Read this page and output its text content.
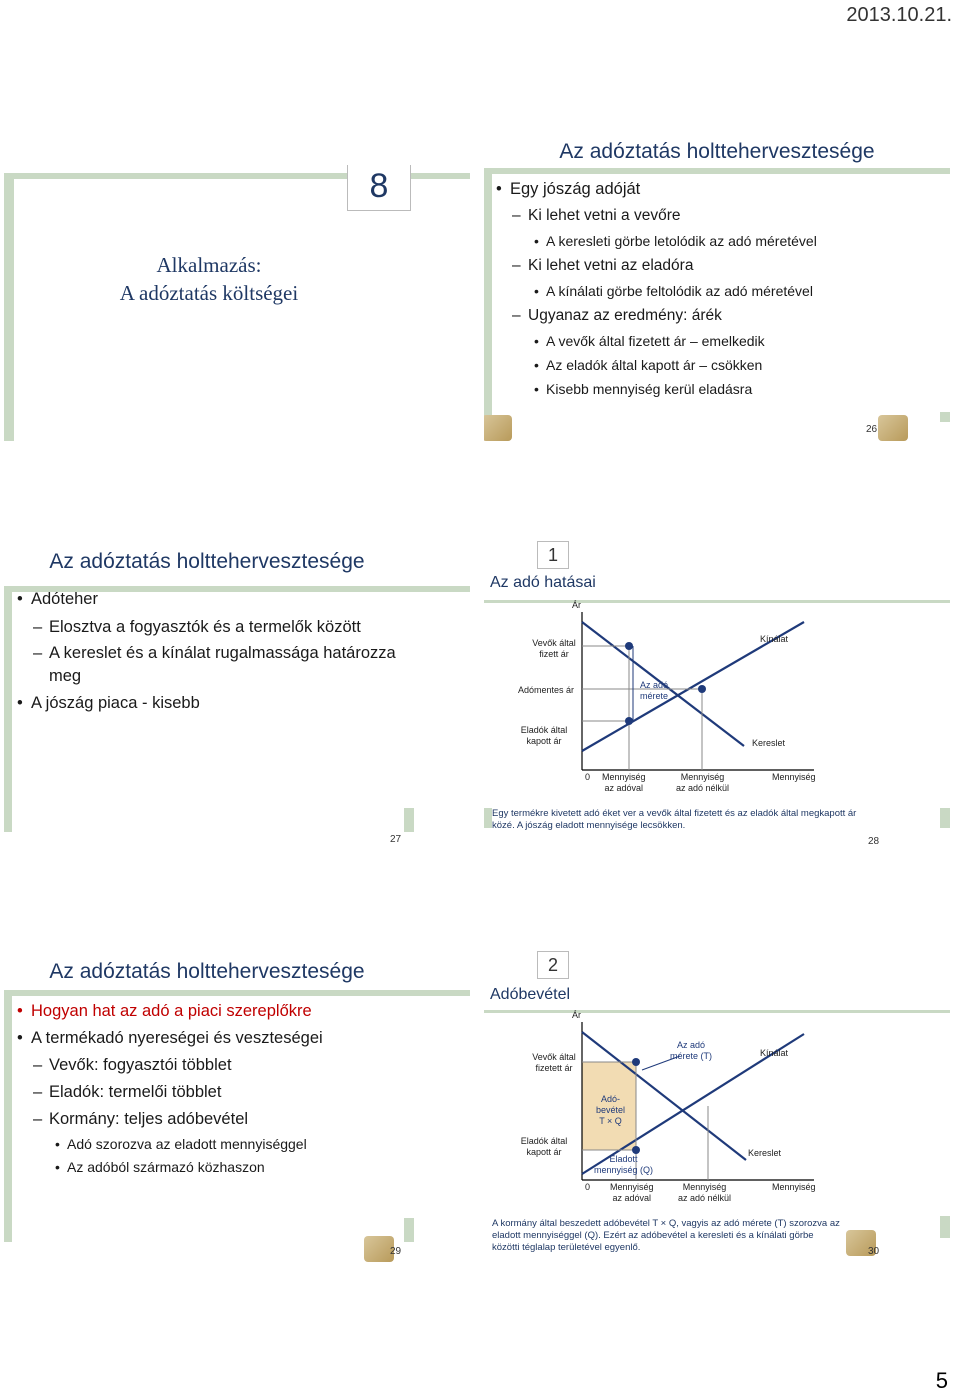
2013.10.21.
8
Alkalmazás:
A adóztatás költségei
Az adóztatás holttehervesztesége
• Egy jószág adóját
– Ki lehet vetni a vevőre
• A keresleti görbe letolódik az adó méretével
– Ki lehet vetni az eladóra
• A kínálati görbe feltolódik az adó méretével
– Ugyanaz az eredmény: árék
• A vevők által fizetett ár – emelkedik
• Az eladók által kapott ár – csökken
• Kisebb mennyiség kerül eladásra
26
Az adóztatás holttehervesztesége
• Adóteher
– Elosztva a fogyasztók és a termelők között
– A kereslet és a kínálat rugalmassága határozza
meg
• A jószág piaca - kisebb
27
1
Az adó hatásai
Ár
Vevők által
fizett ár
Adómentes ár	Az adó
mérete
Eladók által
kapott ár
Kínálat
Kereslet
0 Mennyiség
az adóval
Mennyiség
az adó nélkül
Mennyiség
Egy termékre kivetett adó éket ver a vevők által fizetett és az eladók által megkapott ár közé. A jószág eladott mennyisége lecsökken.
28
Az adóztatás holttehervesztesége
• Hogyan hat az adó a piaci szereplőkre
• A termékadó nyereségei és veszteségei
– Vevők: fogyasztói többlet
– Eladók: termelői többlet
– Kormány: teljes adóbevétel
• Adó szorozva az eladott mennyiséggel
• Az adóból származó közhaszon
29
2
Adóbevétel
Ár
Vevők által
fizetett ár
Eladók által
kapott ár
Az adó
mérete (T)
Adó-
bevétel
T × Q
Eladott
mennyiség (Q)
Kínálat
Kereslet
0 Mennyiség
az adóval
Mennyiség
az adó nélkül
Mennyiség
A kormány által beszedett adóbevétel T × Q, vagyis az adó mérete (T) szorozva az eladott mennyiséggel (Q). Ezért az adóbevétel a keresleti és a kínálati görbe közötti téglalap területével egyenlő.	30
5
